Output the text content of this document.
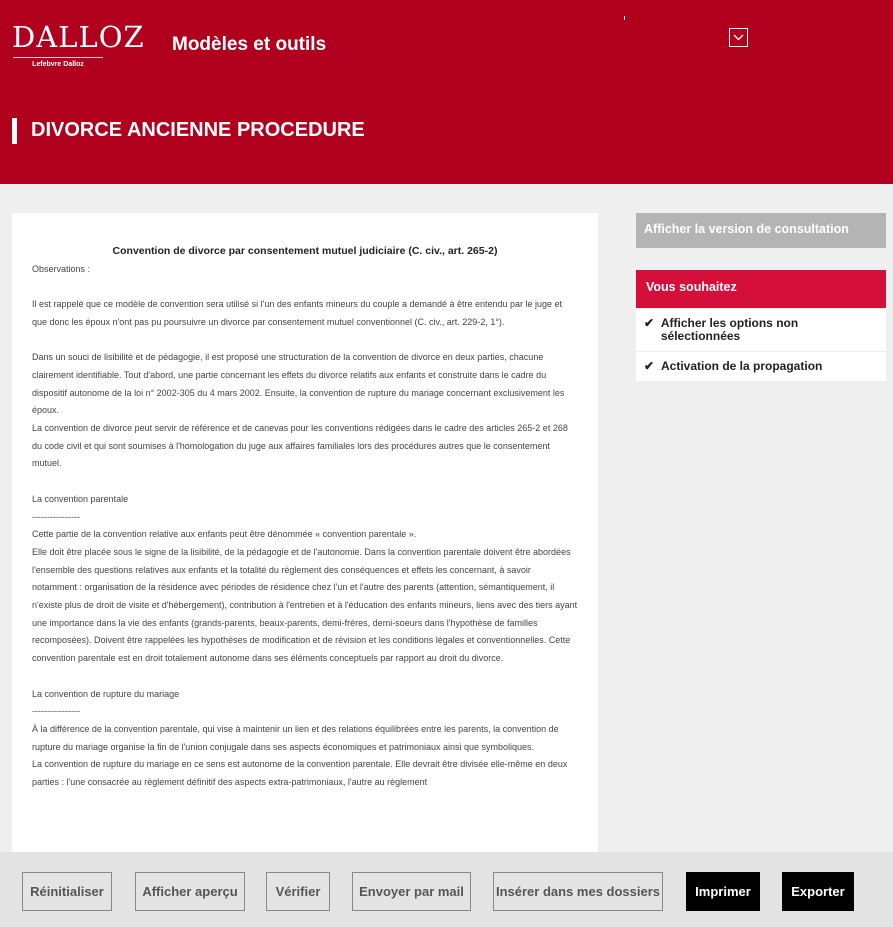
DALLOZ
Lefebvre Dalloz
Modèles et outils
DIVORCE ANCIENNE PROCEDURE

Convention de divorce par consentement mutuel judiciaire (C. civ., art. 265-2)

Observations :

Il est rappelé que ce modèle de convention sera utilisé si l'un des enfants mineurs du couple a demandé à être entendu par le juge et que donc les époux n'ont pas pu poursuivre un divorce par consentement mutuel conventionnel (C. civ., art. 229-2, 1°).

Dans un souci de lisibilité et de pédagogie, il est proposé une structuration de la convention de divorce en deux parties, chacune clairement identifiable. Tout d'abord, une partie concernant les effets du divorce relatifs aux enfants et construite dans le cadre du dispositif autonome de la loi n° 2002-305 du 4 mars 2002. Ensuite, la convention de rupture du mariage concernant exclusivement les époux.

La convention de divorce peut servir de référence et de canevas pour les conventions rédigées dans le cadre des articles 265-2 et 268 du code civil et qui sont soumises à l'homologation du juge aux affaires familiales lors des procédures autres que le consentement mutuel.

La convention parentale

----------------

Cette partie de la convention relative aux enfants peut être dénommée « convention parentale ».

Elle doit être placée sous le signe de la lisibilité, de la pédagogie et de l'autonomie. Dans la convention parentale doivent être abordées l'ensemble des questions relatives aux enfants et la totalité du règlement des conséquences et effets les concernant, à savoir notamment : organisation de la résidence avec périodes de résidence chez l'un et l'autre des parents (attention, sémantiquement, il n'existe plus de droit de visite et d'hébergement), contribution à l'entretien et à l'éducation des enfants mineurs, liens avec des tiers ayant une importance dans la vie des enfants (grands-parents, beaux-parents, demi-frères, demi-soeurs dans l'hypothèse de familles recomposées). Doivent être rappelées les hypothèses de modification et de révision et les conditions légales et conventionnelles. Cette convention parentale est en droit totalement autonome dans ses éléments conceptuels par rapport au droit du divorce.

La convention de rupture du mariage

----------------

À la différence de la convention parentale, qui vise à maintenir un lien et des relations équilibrées entre les parents, la convention de rupture du mariage organise la fin de l'union conjugale dans ses aspects économiques et patrimoniaux ainsi que symboliques.

La convention de rupture du mariage en ce sens est autonome de la convention parentale. Elle devrait être divisée elle-même en deux parties : l'une consacrée au règlement définitif des aspects extra-patrimoniaux, l'autre au règlement

Afficher la version de consultation
Vous souhaitez
✔ Afficher les options non sélectionnées
✔ Activation de la propagation
Réinitialiser	Afficher aperçu	Vérifier	Envoyer par mail	Insérer dans mes dossiers	Imprimer	Exporter
